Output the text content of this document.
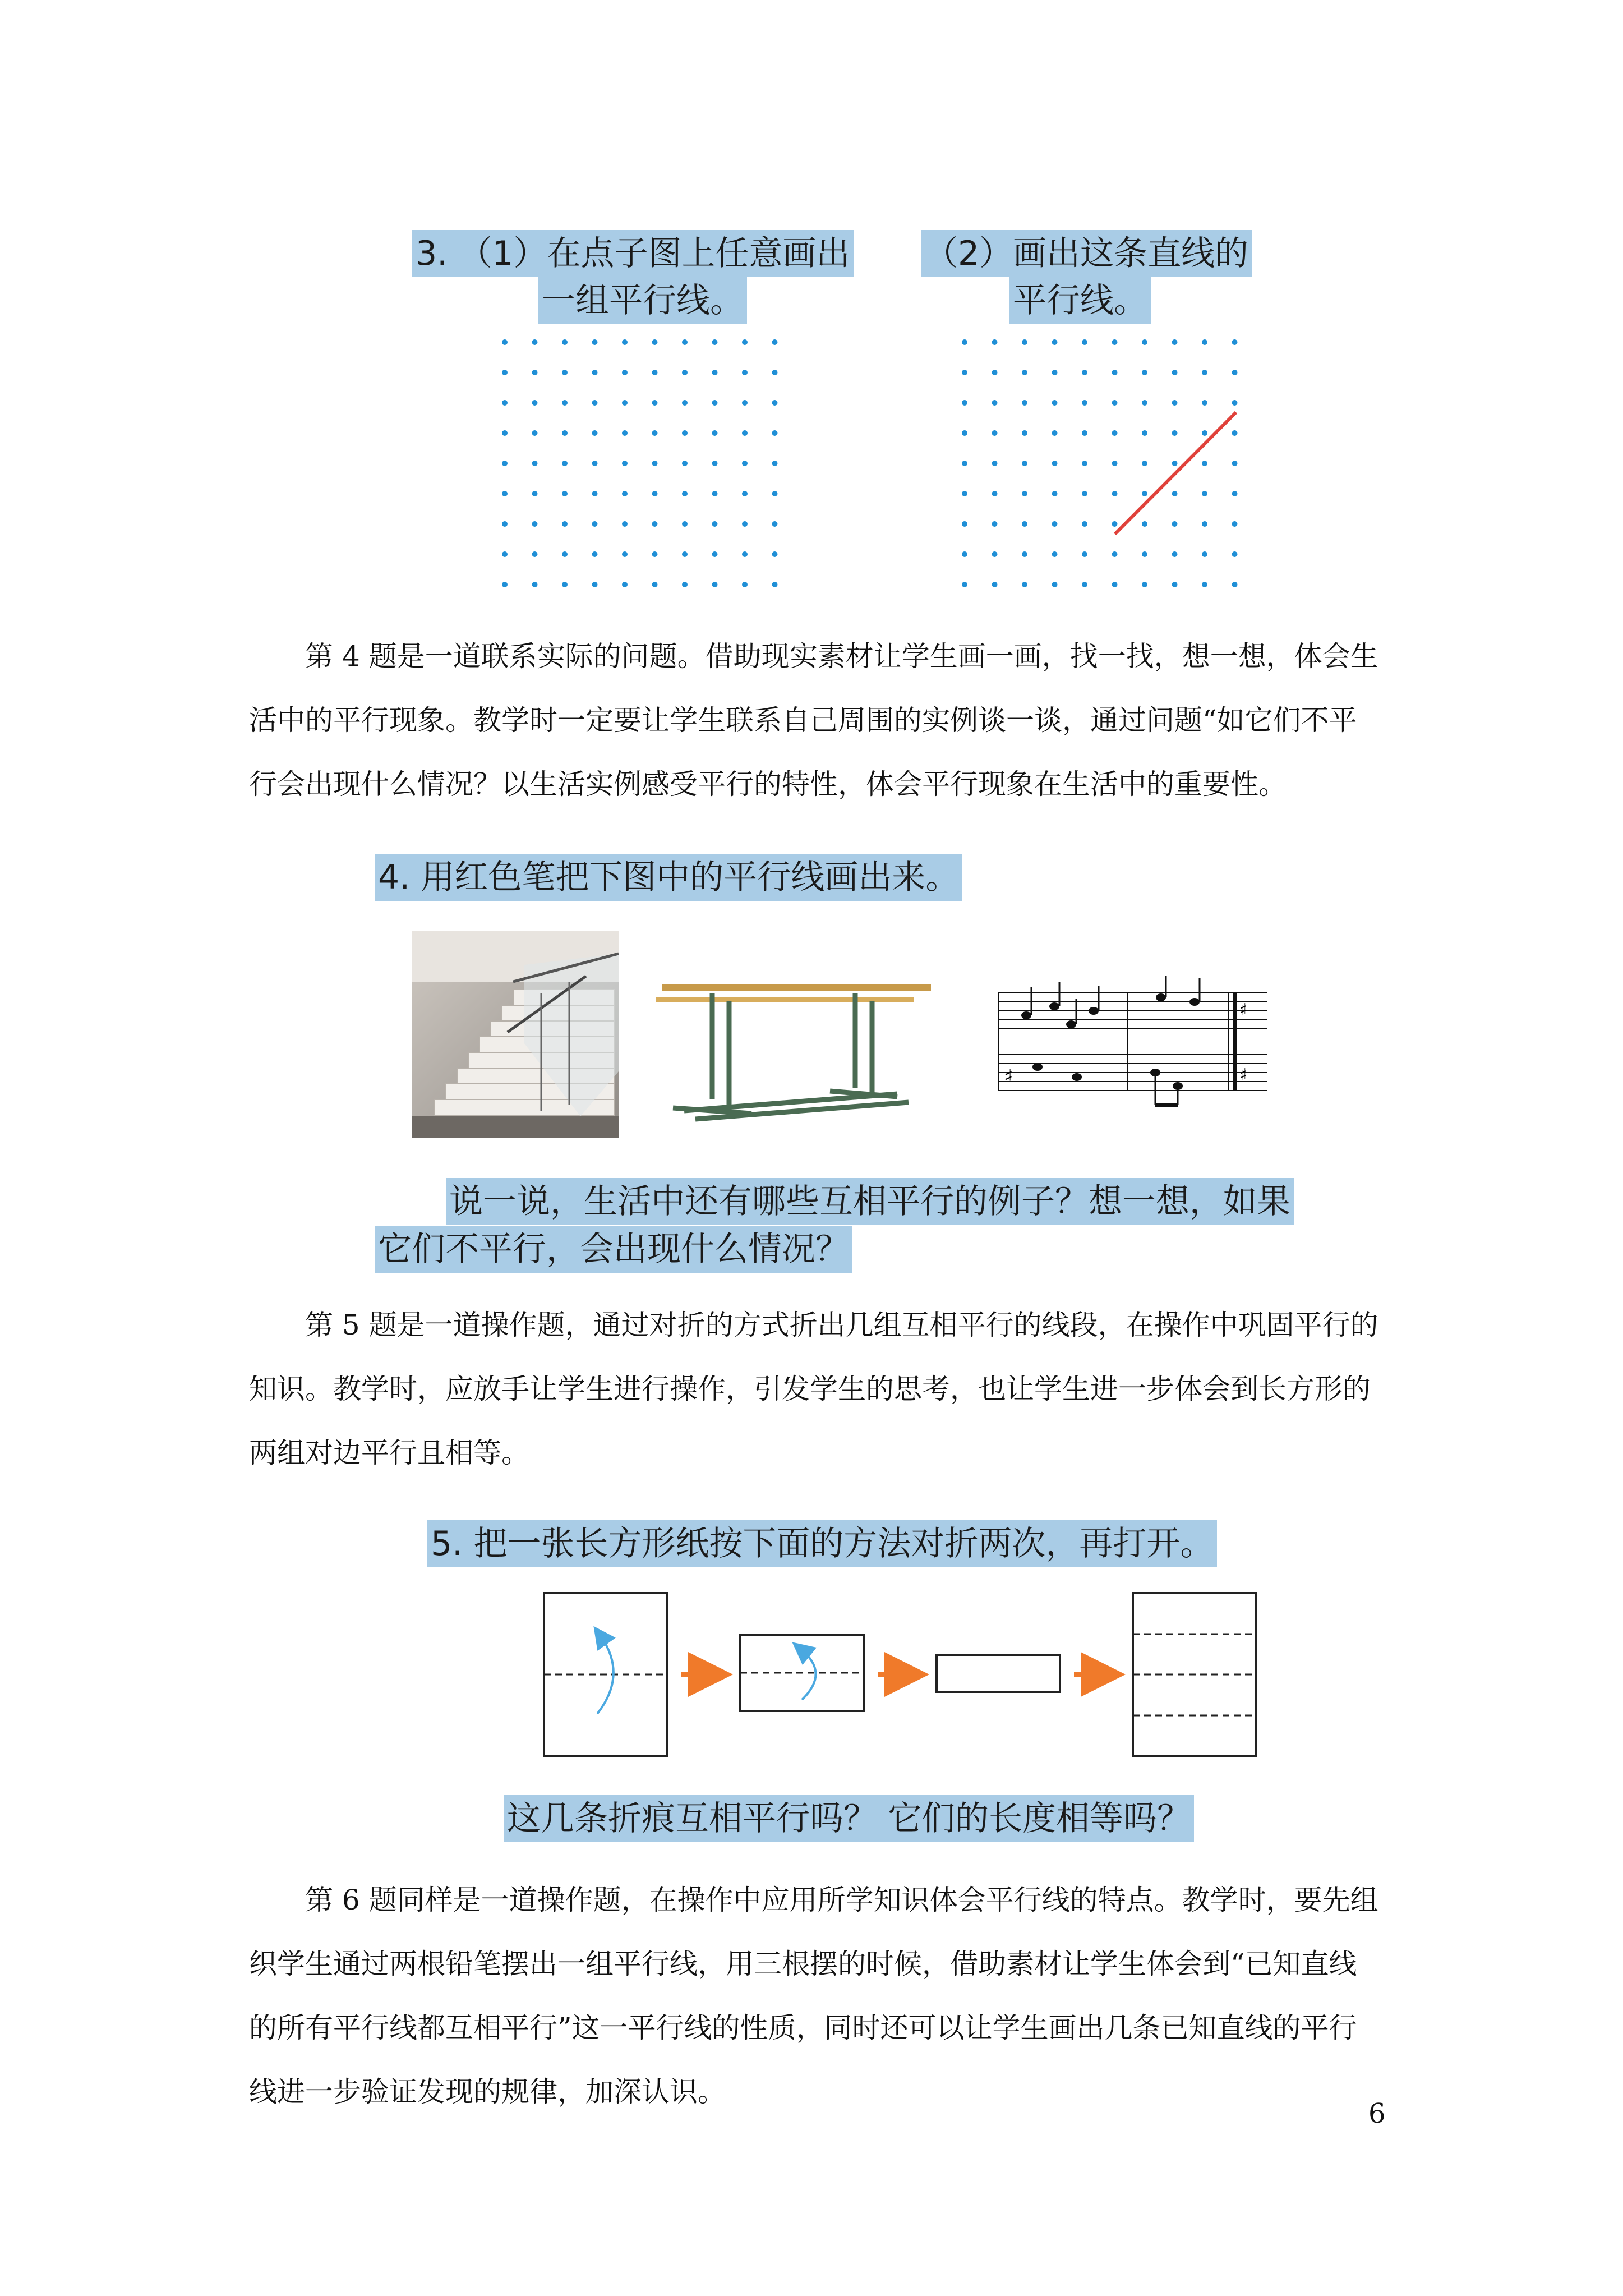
3. （1）在点子图上任意画出
一组平行线。
（2）画出这条直线的
平行线。
第 4 题是一道联系实际的问题。借助现实素材让学生画一画，找一找，想一想，体会生
活中的平行现象。教学时一定要让学生联系自己周围的实例谈一谈，通过问题“如它们不平
行会出现什么情况？以生活实例感受平行的特性，体会平行现象在生活中的重要性。
4. 用红色笔把下图中的平行线画出来。
♯
♯
♯
说一说，生活中还有哪些互相平行的例子？想一想，如果
它们不平行，会出现什么情况？
第 5 题是一道操作题，通过对折的方式折出几组互相平行的线段，在操作中巩固平行的
知识。教学时，应放手让学生进行操作，引发学生的思考，也让学生进一步体会到长方形的
两组对边平行且相等。
5. 把一张长方形纸按下面的方法对折两次，再打开。
这几条折痕互相平行吗？ 它们的长度相等吗？
第 6 题同样是一道操作题，在操作中应用所学知识体会平行线的特点。教学时，要先组
织学生通过两根铅笔摆出一组平行线，用三根摆的时候，借助素材让学生体会到“已知直线
的所有平行线都互相平行”这一平行线的性质，同时还可以让学生画出几条已知直线的平行
线进一步验证发现的规律，加深认识。
6
